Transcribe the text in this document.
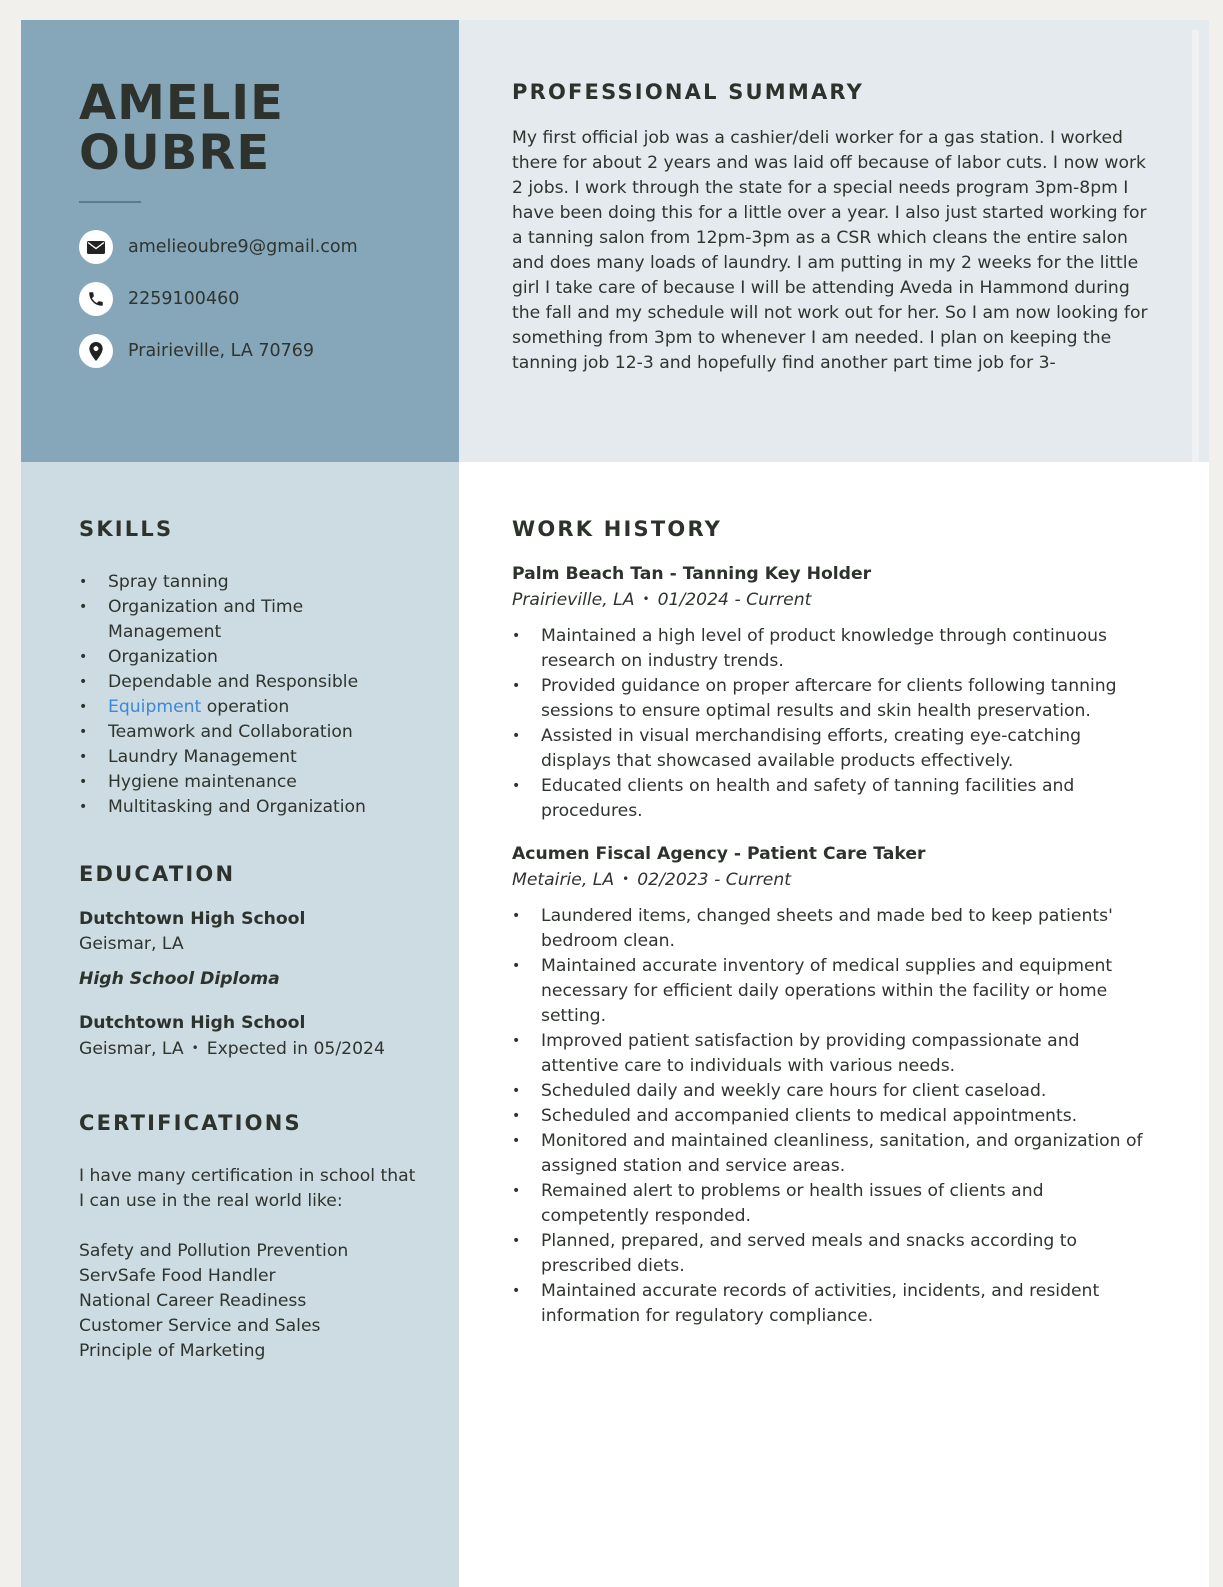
AMELIE
OUBRE
amelieoubre9@gmail.com
2259100460
Prairieville, LA 70769
PROFESSIONAL SUMMARY

My first official job was a cashier/deli worker for a gas station. I worked there for about 2 years and was laid off because of labor cuts. I now work 2 jobs. I work through the state for a special needs program 3pm-8pm I have been doing this for a little over a year. I also just started working for a tanning salon from 12pm-3pm as a CSR which cleans the entire salon and does many loads of laundry. I am putting in my 2 weeks for the little girl I take care of because I will be attending Aveda in Hammond during the fall and my schedule will not work out for her. So I am now looking for something from 3pm to whenever I am needed. I plan on keeping the tanning job 12-3 and hopefully find another part time job for 3-

SKILLS
• Spray tanning
• Organization and Time Management
• Organization
• Dependable and Responsible
• Equipment operation
• Teamwork and Collaboration
• Laundry Management
• Hygiene maintenance
• Multitasking and Organization
EDUCATION
Dutchtown High School
Geismar, LA
High School Diploma
Dutchtown High School
Geismar, LA • Expected in 05/2024
CERTIFICATIONS
I have many certification in school that I can use in the real world like:
Safety and Pollution Prevention
ServSafe Food Handler
National Career Readiness
Customer Service and Sales
Principle of Marketing
WORK HISTORY
Palm Beach Tan - Tanning Key Holder
Prairieville, LA • 01/2024 - Current
• Maintained a high level of product knowledge through continuous research on industry trends.
• Provided guidance on proper aftercare for clients following tanning sessions to ensure optimal results and skin health preservation.
• Assisted in visual merchandising efforts, creating eye-catching displays that showcased available products effectively.
• Educated clients on health and safety of tanning facilities and procedures.
Acumen Fiscal Agency - Patient Care Taker
Metairie, LA • 02/2023 - Current
• Laundered items, changed sheets and made bed to keep patients' bedroom clean.
• Maintained accurate inventory of medical supplies and equipment necessary for efficient daily operations within the facility or home setting.
• Improved patient satisfaction by providing compassionate and attentive care to individuals with various needs.
• Scheduled daily and weekly care hours for client caseload.
• Scheduled and accompanied clients to medical appointments.
• Monitored and maintained cleanliness, sanitation, and organization of assigned station and service areas.
• Remained alert to problems or health issues of clients and competently responded.
• Planned, prepared, and served meals and snacks according to prescribed diets.
• Maintained accurate records of activities, incidents, and resident information for regulatory compliance.
